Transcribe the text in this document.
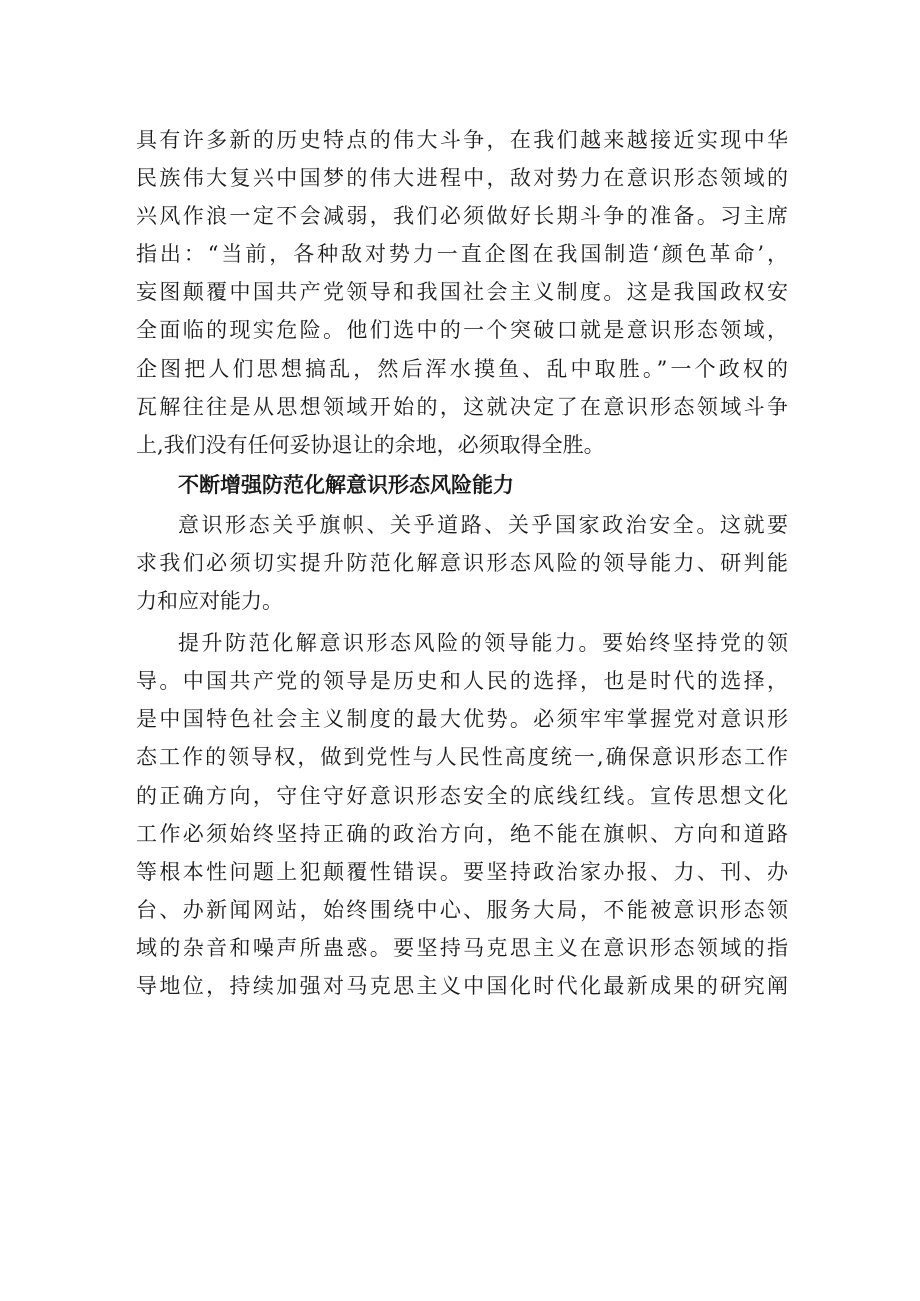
具有许多新的历史特点的伟大斗争，在我们越来越接近实现中华
民族伟大复兴中国梦的伟大进程中，敌对势力在意识形态领域的
兴风作浪一定不会减弱，我们必须做好长期斗争的准备。习主席
指出：“当前，各种敌对势力一直企图在我国制造‘颜色革命’，
妄图颠覆中国共产党领导和我国社会主义制度。这是我国政权安
全面临的现实危险。他们选中的一个突破口就是意识形态领域，
企图把人们思想搞乱，然后浑水摸鱼、乱中取胜。”一个政权的
瓦解往往是从思想领域开始的，这就决定了在意识形态领域斗争
上,我们没有任何妥协退让的余地，必须取得全胜。
不断增强防范化解意识形态风险能力
意识形态关乎旗帜、关乎道路、关乎国家政治安全。这就要
求我们必须切实提升防范化解意识形态风险的领导能力、研判能
力和应对能力。
提升防范化解意识形态风险的领导能力。要始终坚持党的领
导。中国共产党的领导是历史和人民的选择，也是时代的选择，
是中国特色社会主义制度的最大优势。必须牢牢掌握党对意识形
态工作的领导权，做到党性与人民性高度统一,确保意识形态工作
的正确方向，守住守好意识形态安全的底线红线。宣传思想文化
工作必须始终坚持正确的政治方向，绝不能在旗帜、方向和道路
等根本性问题上犯颠覆性错误。要坚持政治家办报、力、刊、办
台、办新闻网站，始终围绕中心、服务大局，不能被意识形态领
域的杂音和噪声所蛊惑。要坚持马克思主义在意识形态领域的指
导地位，持续加强对马克思主义中国化时代化最新成果的研究阐
